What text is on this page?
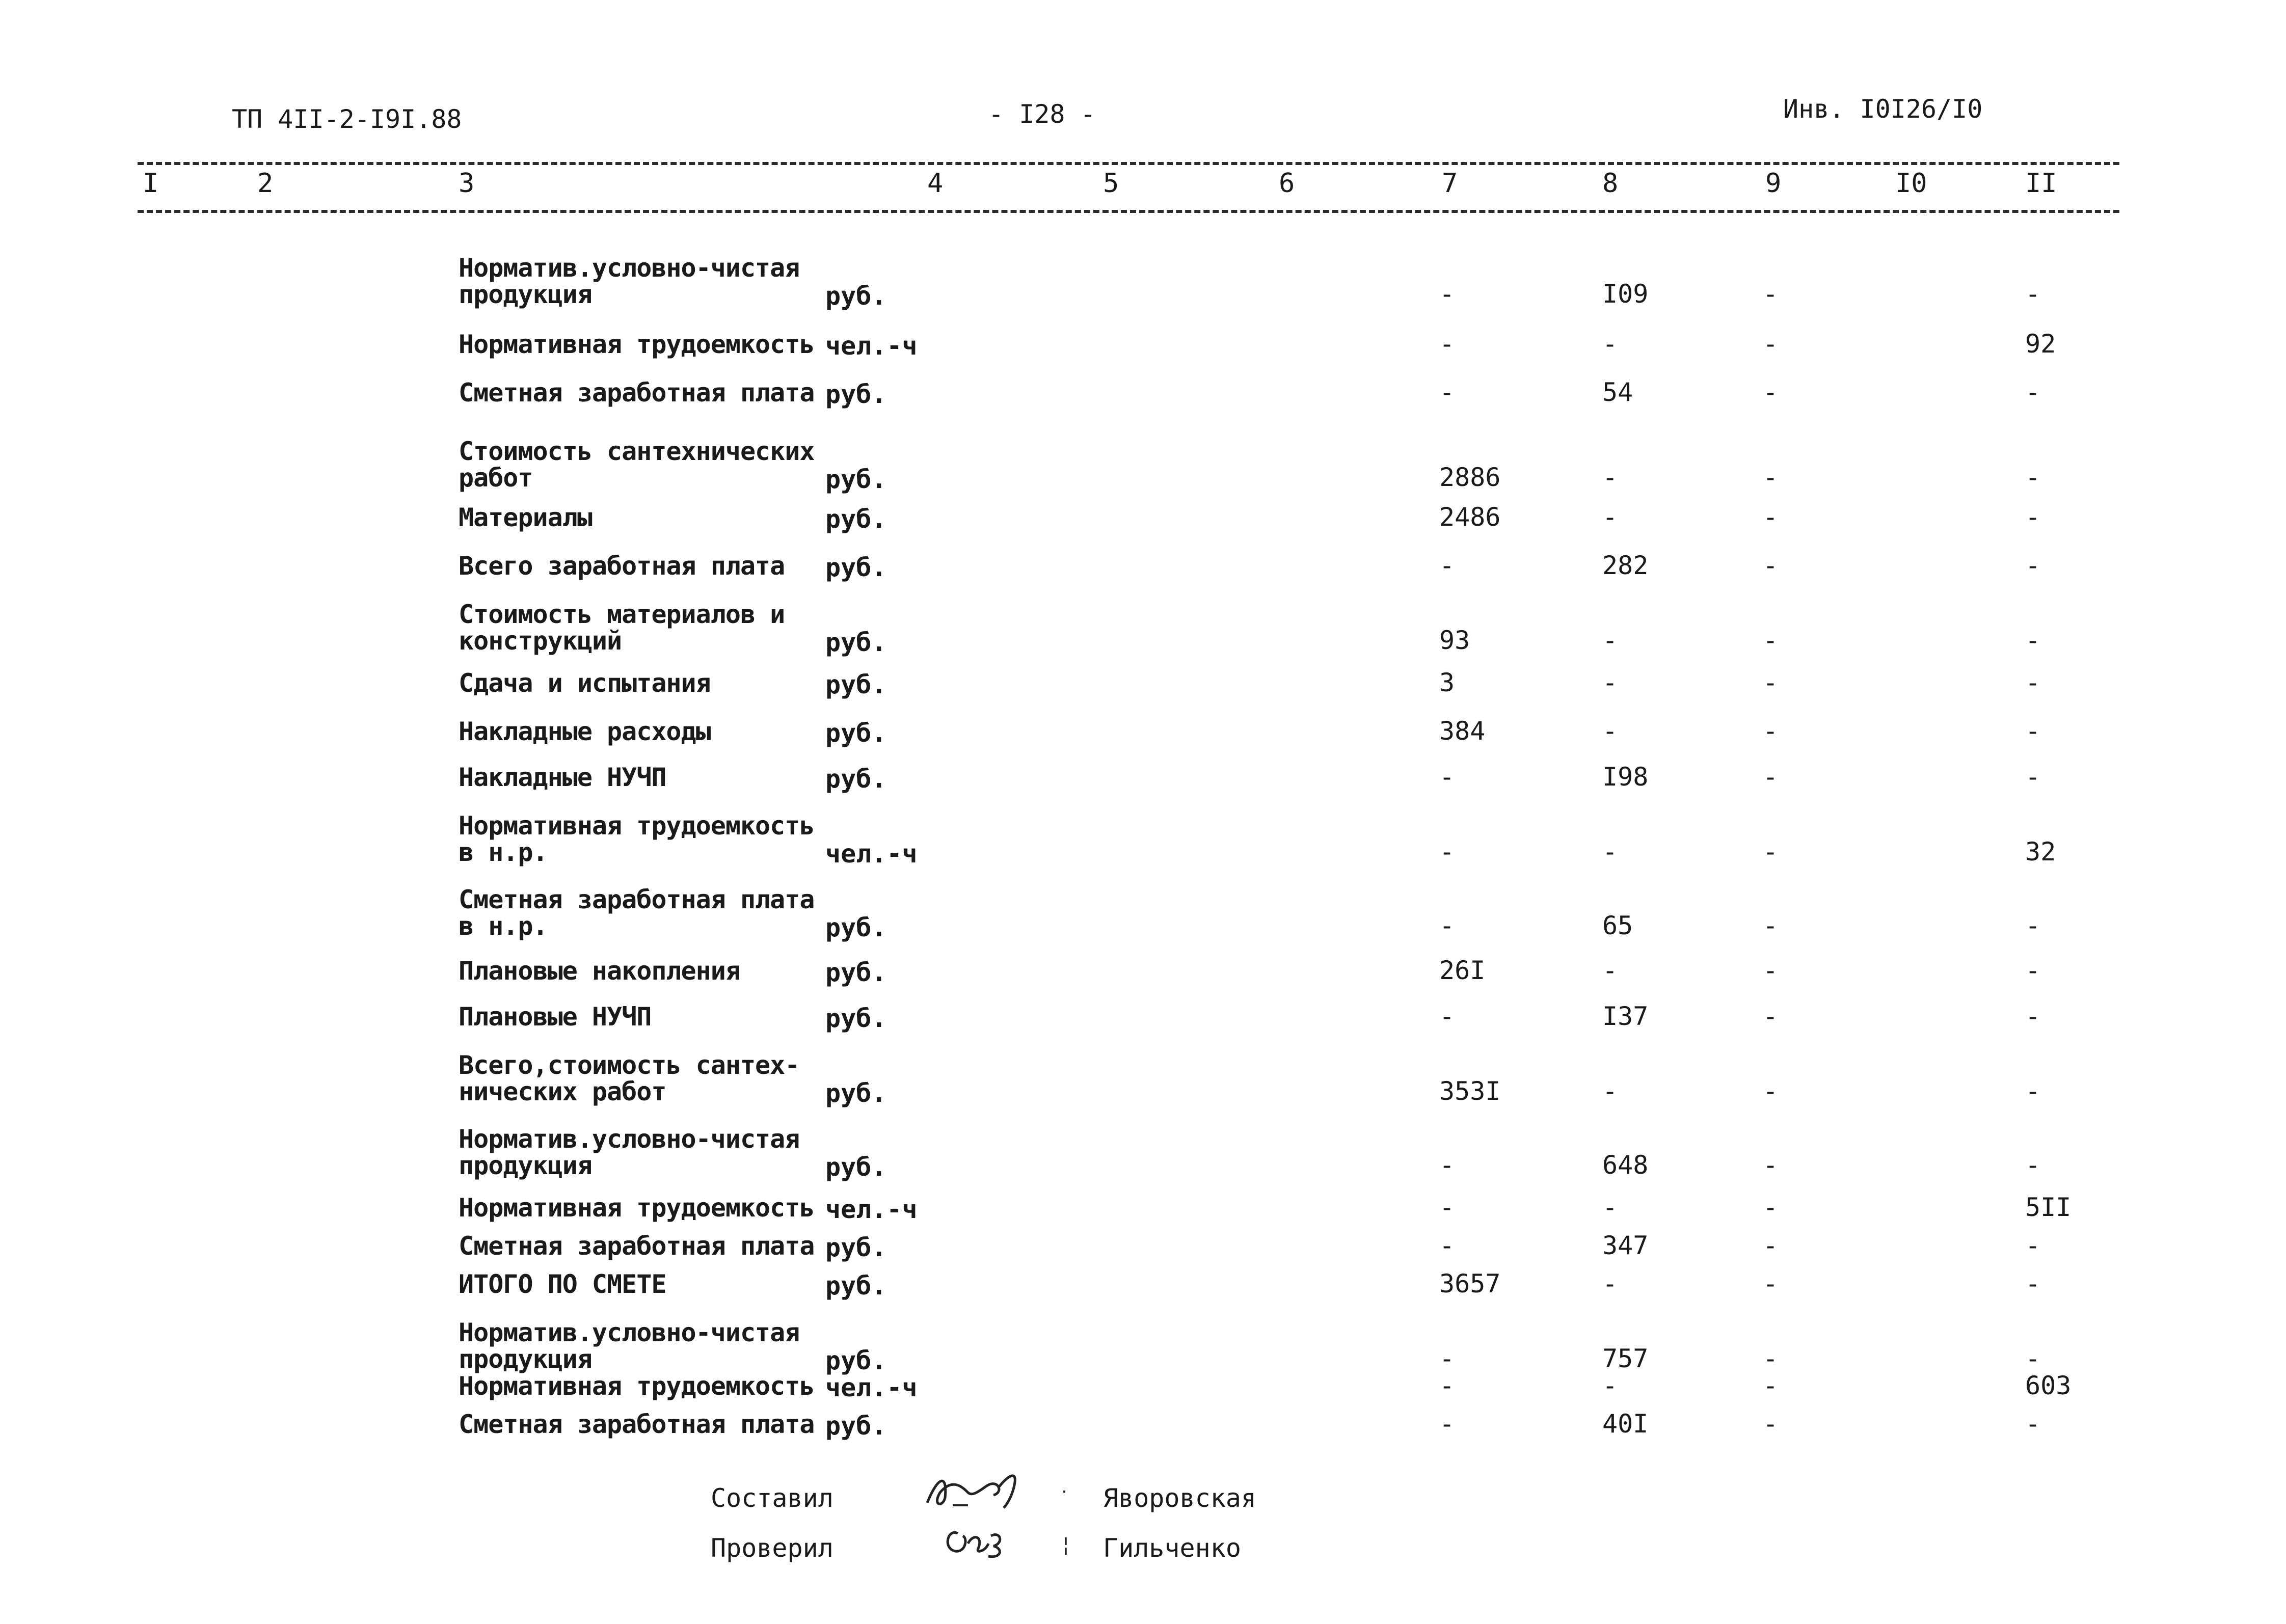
ТП 4II-2-I9I.88	- I28 -	Инв. I0I26/I0
I	2	3	4	5	6	7	8	9	I0	II
Норматив.условно-чистая
продукция	руб.	-	I09	-	-
Нормативная трудоемкость чел.-ч	-	-	-	92
Сметная заработная плата руб.	-	54	-	-
Стоимость сантехнических
работ	руб.	2886	-	-	-
Материалы	руб.	2486	-	-	-
Всего заработная плата руб.	-	282	-	-
Стоимость материалов и
конструкций	руб.	93	-	-	-
Сдача и испытания	руб.	3	-	-	-
Накладные расходы	руб.	384	-	-	-
Накладные НУЧП	руб.	-	I98	-	-
Нормативная трудоемкость
в н.р.	чел.-ч	-	-	-	32
Сметная заработная плата
в н.р.	руб.	-	65	-	-
Плановые накопления	руб.	26I	-	-	-
Плановые НУЧП	руб.	-	I37	-	-
Всего,стоимость сантех-
нических работ	руб.	353I	-	-	-
Норматив.условно-чистая
продукция	руб.	-	648	-	-
Нормативная трудоемкость чел.-ч	-	-	-	5II
Сметная заработная плата руб.	-	347	-	-
ИТОГО ПО СМЕТЕ	руб.	3657	-	-	-
Норматив.условно-чистая
продукция	руб.	-	757	-	-
Нормативная трудоемкость чел.-ч	-	-	-	603
Сметная заработная плата руб.	-	40I	-	-
Составил	· Яворовская
Проверил	¦ Гильченко
